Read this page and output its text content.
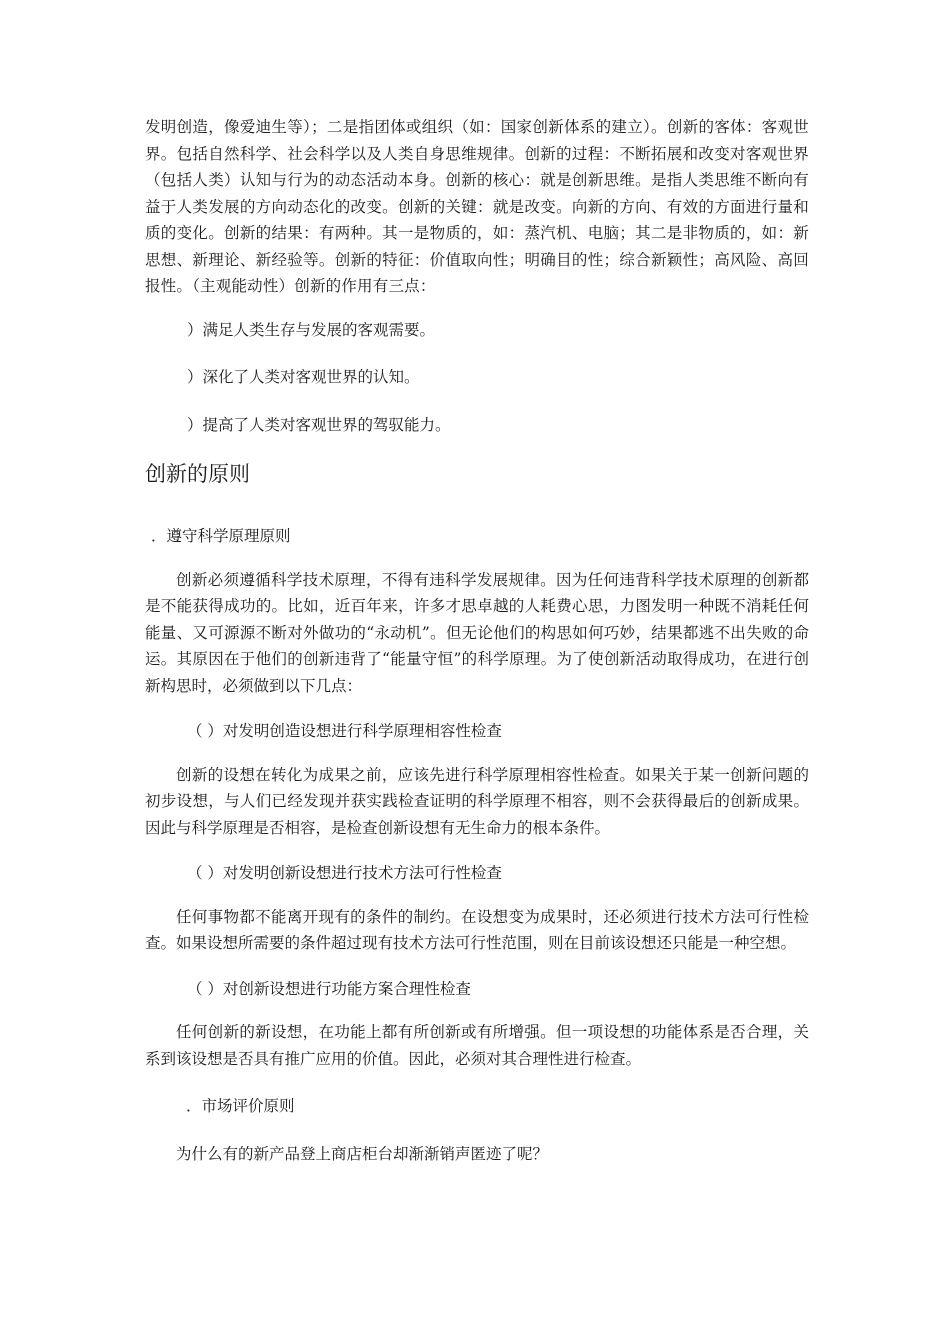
发明创造，像爱迪生等）；二是指团体或组织（如：国家创新体系的建立）。创新的客体：客观世界。包括自然科学、社会科学以及人类自身思维规律。创新的过程：不断拓展和改变对客观世界（包括人类）认知与行为的动态活动本身。创新的核心：就是创新思维。是指人类思维不断向有益于人类发展的方向动态化的改变。创新的关键：就是改变。向新的方向、有效的方面进行量和质的变化。创新的结果：有两种。其一是物质的，如：蒸汽机、电脑；其二是非物质的，如：新思想、新理论、新经验等。创新的特征：价值取向性；明确目的性；综合新颖性；高风险、高回报性。（主观能动性）创新的作用有三点：

）满足人类生存与发展的客观需要。

）深化了人类对客观世界的认知。

）提高了人类对客观世界的驾驭能力。

创新的原则

．遵守科学原理原则

创新必须遵循科学技术原理，不得有违科学发展规律。因为任何违背科学技术原理的创新都是不能获得成功的。比如，近百年来，许多才思卓越的人耗费心思，力图发明一种既不消耗任何能量、又可源源不断对外做功的“永动机”。但无论他们的构思如何巧妙，结果都逃不出失败的命运。其原因在于他们的创新违背了“能量守恒”的科学原理。为了使创新活动取得成功，在进行创新构思时，必须做到以下几点：

（ ）对发明创造设想进行科学原理相容性检查

创新的设想在转化为成果之前，应该先进行科学原理相容性检查。如果关于某一创新问题的初步设想，与人们已经发现并获实践检查证明的科学原理不相容，则不会获得最后的创新成果。因此与科学原理是否相容，是检查创新设想有无生命力的根本条件。

（ ）对发明创新设想进行技术方法可行性检查

任何事物都不能离开现有的条件的制约。在设想变为成果时，还必须进行技术方法可行性检查。如果设想所需要的条件超过现有技术方法可行性范围，则在目前该设想还只能是一种空想。

（ ）对创新设想进行功能方案合理性检查

任何创新的新设想，在功能上都有所创新或有所增强。但一项设想的功能体系是否合理，关系到该设想是否具有推广应用的价值。因此，必须对其合理性进行检查。

．市场评价原则

为什么有的新产品登上商店柜台却渐渐销声匿迹了呢？
